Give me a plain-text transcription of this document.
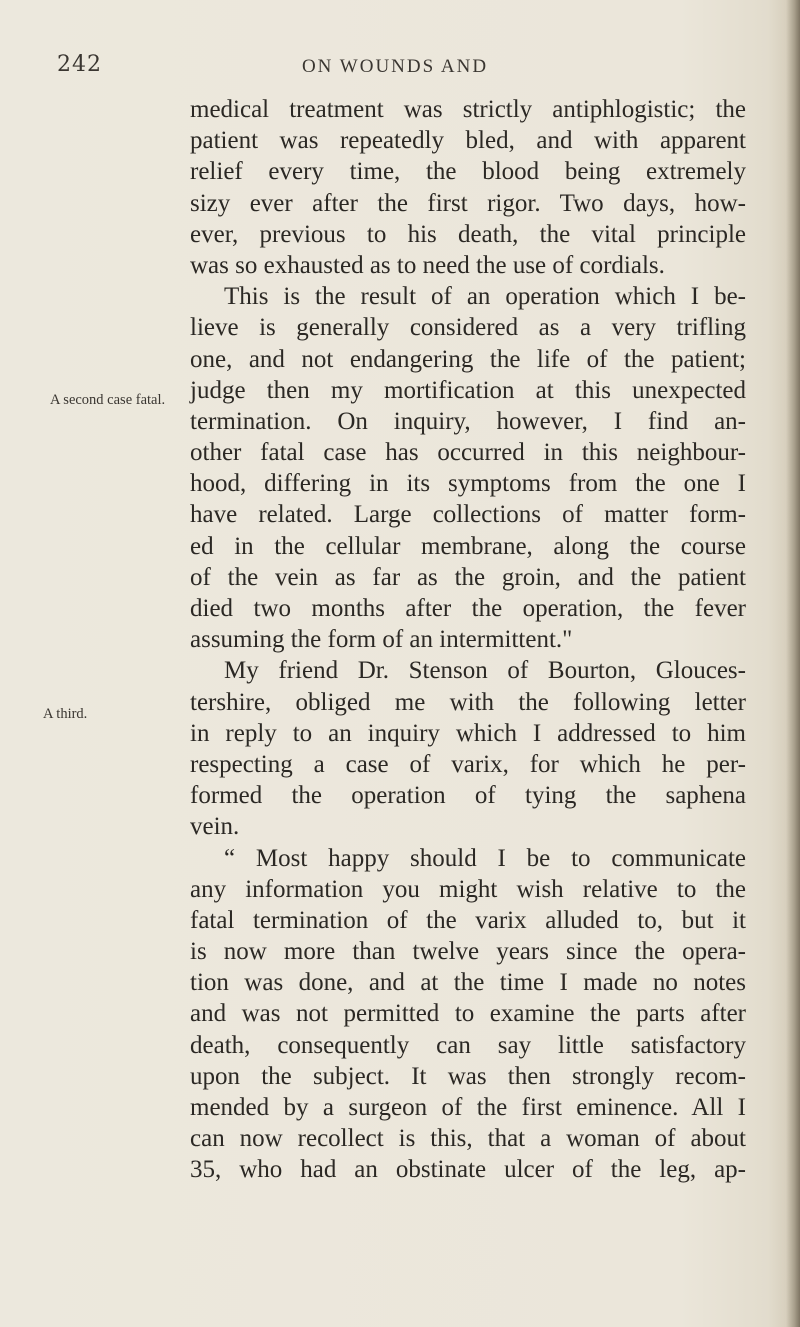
242	ON WOUNDS AND
A second case fatal.
A third.
medical treatment was strictly antiphlogistic; the
patient was repeatedly bled, and with apparent
relief every time, the blood being extremely
sizy ever after the first rigor. Two days, how-
ever, previous to his death, the vital principle
was so exhausted as to need the use of cordials.
This is the result of an operation which I be-
lieve is generally considered as a very trifling
one, and not endangering the life of the patient;
judge then my mortification at this unexpected
termination. On inquiry, however, I find an-
other fatal case has occurred in this neighbour-
hood, differing in its symptoms from the one I
have related. Large collections of matter form-
ed in the cellular membrane, along the course
of the vein as far as the groin, and the patient
died two months after the operation, the fever
assuming the form of an intermittent."
My friend Dr. Stenson of Bourton, Glouces-
tershire, obliged me with the following letter
in reply to an inquiry which I addressed to him
respecting a case of varix, for which he per-
formed the operation of tying the saphena
vein.
“ Most happy should I be to communicate
any information you might wish relative to the
fatal termination of the varix alluded to, but it
is now more than twelve years since the opera-
tion was done, and at the time I made no notes
and was not permitted to examine the parts after
death, consequently can say little satisfactory
upon the subject. It was then strongly recom-
mended by a surgeon of the first eminence. All I
can now recollect is this, that a woman of about
35, who had an obstinate ulcer of the leg, ap-
